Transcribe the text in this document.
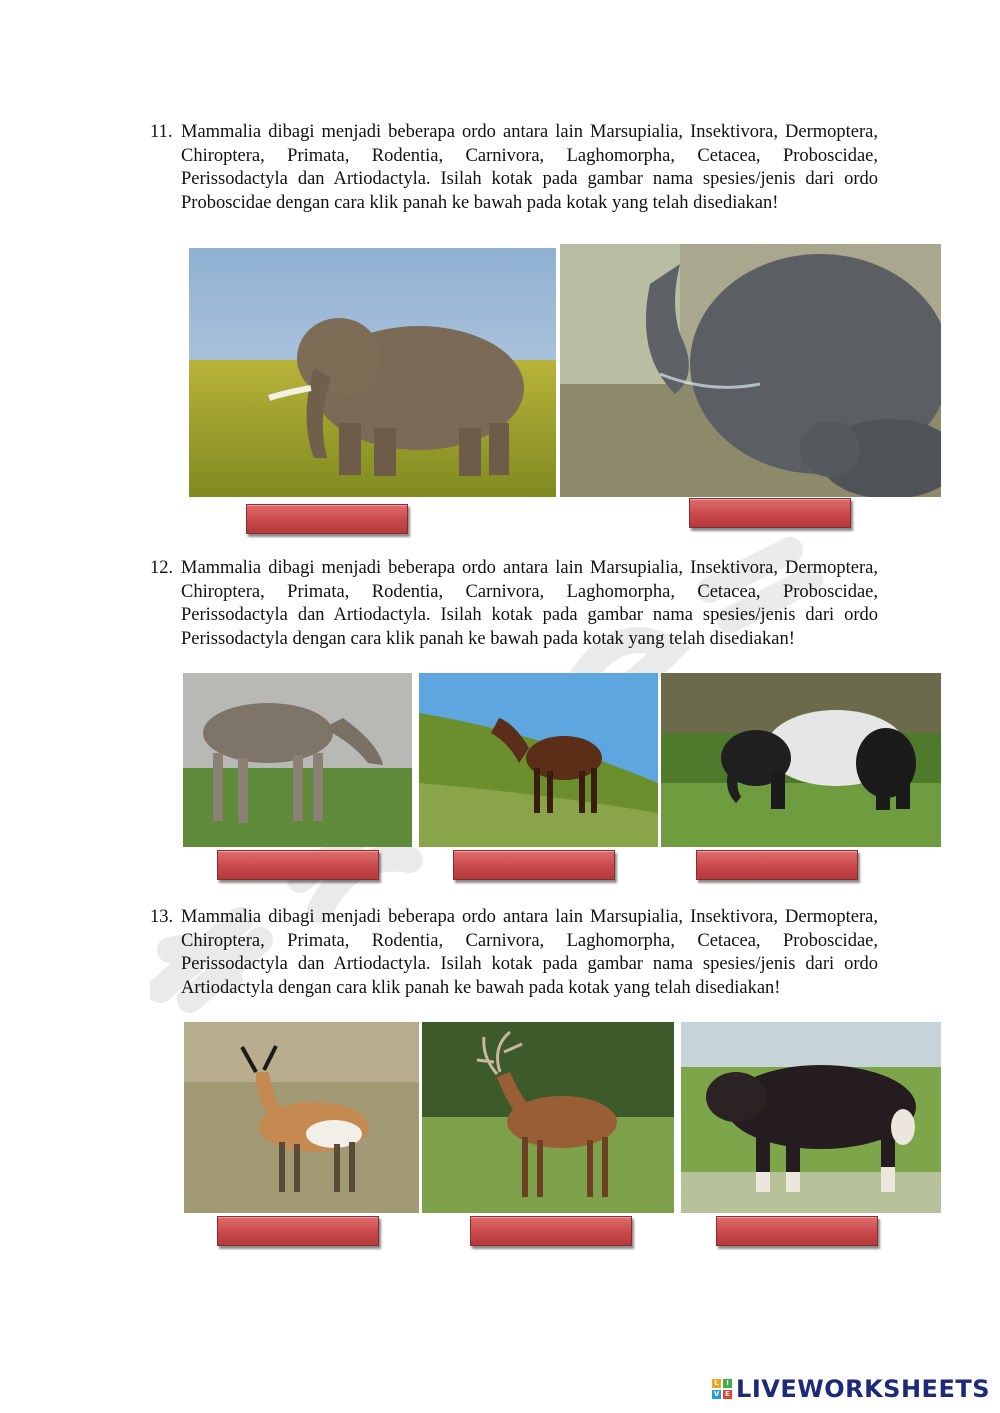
11. Mammalia dibagi menjadi beberapa ordo antara lain Marsupialia, Insektivora, Dermoptera, Chiroptera, Primata, Rodentia, Carnivora, Laghomorpha, Cetacea, Proboscidae, Perissodactyla dan Artiodactyla. Isilah kotak pada gambar nama spesies/jenis dari ordo Proboscidae dengan cara klik panah ke bawah pada kotak yang telah disediakan!
12. Mammalia dibagi menjadi beberapa ordo antara lain Marsupialia, Insektivora, Dermoptera, Chiroptera, Primata, Rodentia, Carnivora, Laghomorpha, Cetacea, Proboscidae, Perissodactyla dan Artiodactyla. Isilah kotak pada gambar nama spesies/jenis dari ordo Perissodactyla dengan cara klik panah ke bawah pada kotak yang telah disediakan!
13. Mammalia dibagi menjadi beberapa ordo antara lain Marsupialia, Insektivora, Dermoptera, Chiroptera, Primata, Rodentia, Carnivora, Laghomorpha, Cetacea, Proboscidae, Perissodactyla dan Artiodactyla. Isilah kotak pada gambar nama spesies/jenis dari ordo Artiodactyla dengan cara klik panah ke bawah pada kotak yang telah disediakan!
L	I
V E LIVEWORKSHEETS
